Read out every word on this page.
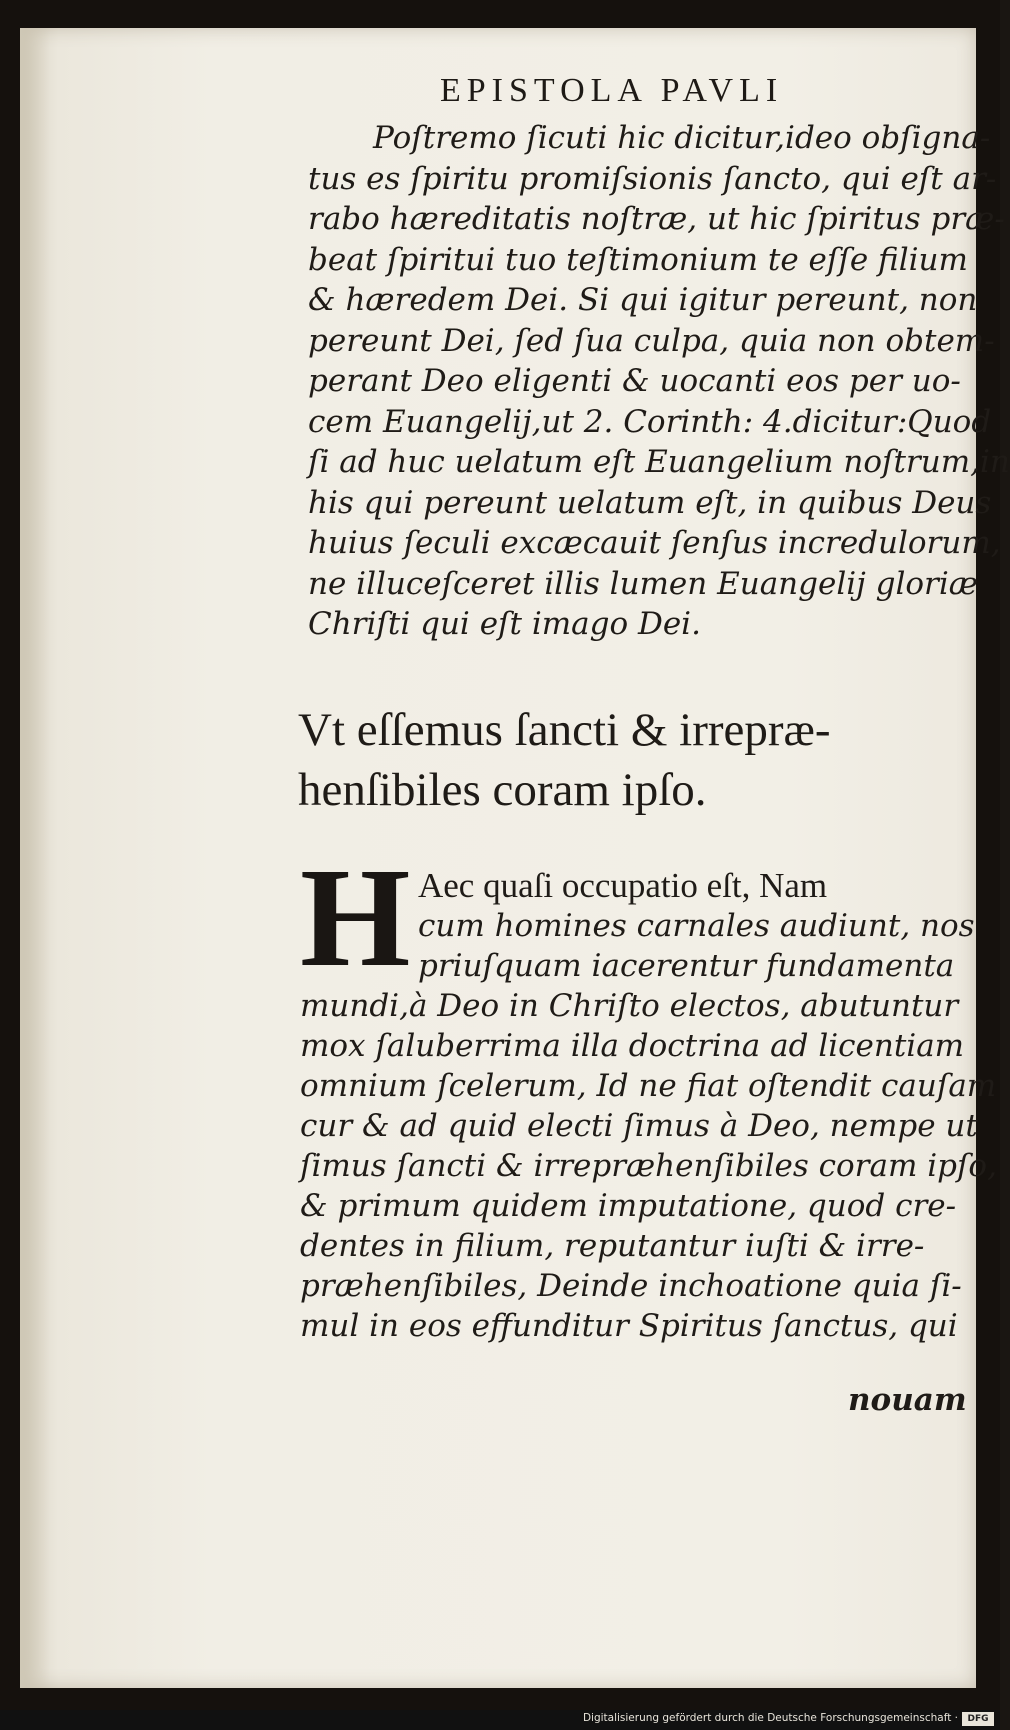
EPISTOLA PAVLI
Poſtremo ſicuti hic dicitur,ideo obſigna-
tus es ſpiritu promiſsionis ſancto, qui eſt ar-
rabo hæreditatis noſtræ, ut hic ſpiritus præ-
beat ſpiritui tuo teſtimonium te eſſe filium
& hæredem Dei. Si qui igitur pereunt, non
pereunt Dei, ſed ſua culpa, quia non obtem-
perant Deo eligenti & uocanti eos per uo-
cem Euangelij,ut 2. Corinth: 4.dicitur:Quod
ſi ad huc uelatum eſt Euangelium noſtrum,in
his qui pereunt uelatum eſt, in quibus Deus
huius ſeculi excæcauit ſenſus incredulorum,
ne illuceſceret illis lumen Euangelij gloriæ
Chriſti qui eſt imago Dei.
Vt eſſemus ſancti & irrepræ-
henſibiles coram ipſo.
H Aec quaſi occupatio eſt, Nam
cum homines carnales audiunt, nos
priuſquam iacerentur fundamenta
mundi,à Deo in Chriſto electos, abutuntur
mox ſaluberrima illa doctrina ad licentiam
omnium ſcelerum, Id ne fiat oſtendit cauſam
cur & ad quid electi ſimus à Deo, nempe ut
ſimus ſancti & irrepræhenſibiles coram ipſo,
& primum quidem imputatione, quod cre-
dentes in filium, reputantur iuſti & irre-
præhenſibiles, Deinde inchoatione quia ſi-
mul in eos effunditur Spiritus ſanctus, qui
nouam
Digitalisierung gefördert durch die Deutsche Forschungsgemeinschaft ·	DFG
